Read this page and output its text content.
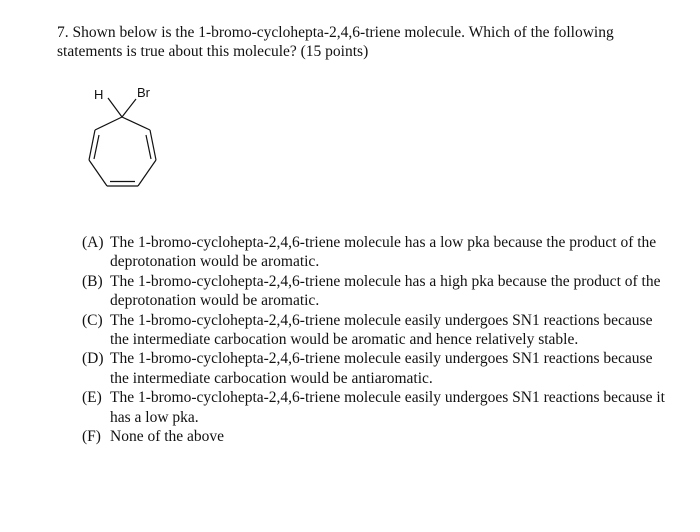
7. Shown below is the 1-bromo-cyclohepta-2,4,6-triene molecule. Which of the following statements is true about this molecule? (15 points)
H	Br
(A) The 1-bromo-cyclohepta-2,4,6-triene molecule has a low pka because the product of the deprotonation would be aromatic.
(B) The 1-bromo-cyclohepta-2,4,6-triene molecule has a high pka because the product of the deprotonation would be aromatic.
(C) The 1-bromo-cyclohepta-2,4,6-triene molecule easily undergoes SN1 reactions because the intermediate carbocation would be aromatic and hence relatively stable.
(D) The 1-bromo-cyclohepta-2,4,6-triene molecule easily undergoes SN1 reactions because the intermediate carbocation would be antiaromatic.
(E) The 1-bromo-cyclohepta-2,4,6-triene molecule easily undergoes SN1 reactions because it has a low pka.
(F) None of the above
